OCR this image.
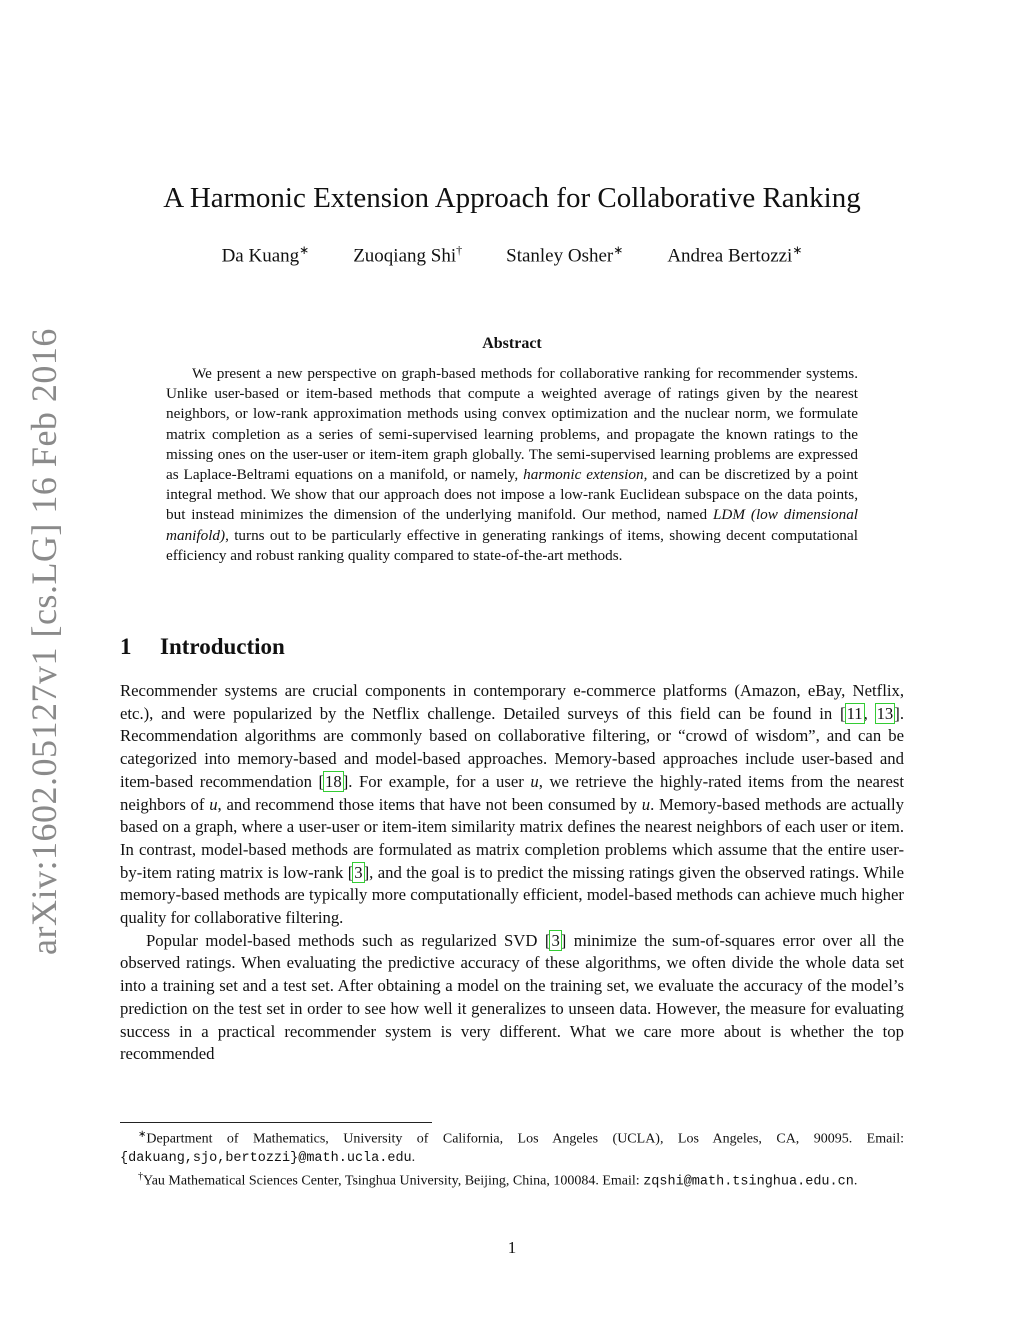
arXiv:1602.05127v1 [cs.LG] 16 Feb 2016
A Harmonic Extension Approach for Collaborative Ranking
Da Kuang∗ Zuoqiang Shi† Stanley Osher∗ Andrea Bertozzi∗
Abstract

We present a new perspective on graph-based methods for collaborative ranking for recommender systems. Unlike user-based or item-based methods that compute a weighted average of ratings given by the nearest neighbors, or low-rank approximation methods using convex optimization and the nuclear norm, we formulate matrix completion as a series of semi-supervised learning problems, and propagate the known ratings to the missing ones on the user-user or item-item graph globally. The semi-supervised learning problems are expressed as Laplace-Beltrami equations on a manifold, or namely, harmonic extension, and can be discretized by a point integral method. We show that our approach does not impose a low-rank Euclidean subspace on the data points, but instead minimizes the dimension of the underlying manifold. Our method, named LDM (low dimensional manifold), turns out to be particularly effective in generating rankings of items, showing decent computational efficiency and robust ranking quality compared to state-of-the-art methods.

1 Introduction

Recommender systems are crucial components in contemporary e-commerce platforms (Amazon, eBay, Netflix, etc.), and were popularized by the Netflix challenge. Detailed surveys of this field can be found in [11, 13]. Recommendation algorithms are commonly based on collaborative filtering, or “crowd of wisdom”, and can be categorized into memory-based and model-based approaches. Memory-based approaches include user-based and item-based recommendation [18]. For example, for a user u, we retrieve the highly-rated items from the nearest neighbors of u, and recommend those items that have not been consumed by u. Memory-based methods are actually based on a graph, where a user-user or item-item similarity matrix defines the nearest neighbors of each user or item. In contrast, model-based methods are formulated as matrix completion problems which assume that the entire user-by-item rating matrix is low-rank [3], and the goal is to predict the missing ratings given the observed ratings. While memory-based methods are typically more computationally efficient, model-based methods can achieve much higher quality for collaborative filtering.

Popular model-based methods such as regularized SVD [3] minimize the sum-of-squares error over all the observed ratings. When evaluating the predictive accuracy of these algorithms, we often divide the whole data set into a training set and a test set. After obtaining a model on the training set, we evaluate the accuracy of the model’s prediction on the test set in order to see how well it generalizes to unseen data. However, the measure for evaluating success in a practical recommender system is very different. What we care more about is whether the top recommended

∗Department of Mathematics, University of California, Los Angeles (UCLA), Los Angeles, CA, 90095. Email: {dakuang,sjo,bertozzi}@math.ucla.edu.

†Yau Mathematical Sciences Center, Tsinghua University, Beijing, China, 100084. Email: zqshi@math.tsinghua.edu.cn.

1
